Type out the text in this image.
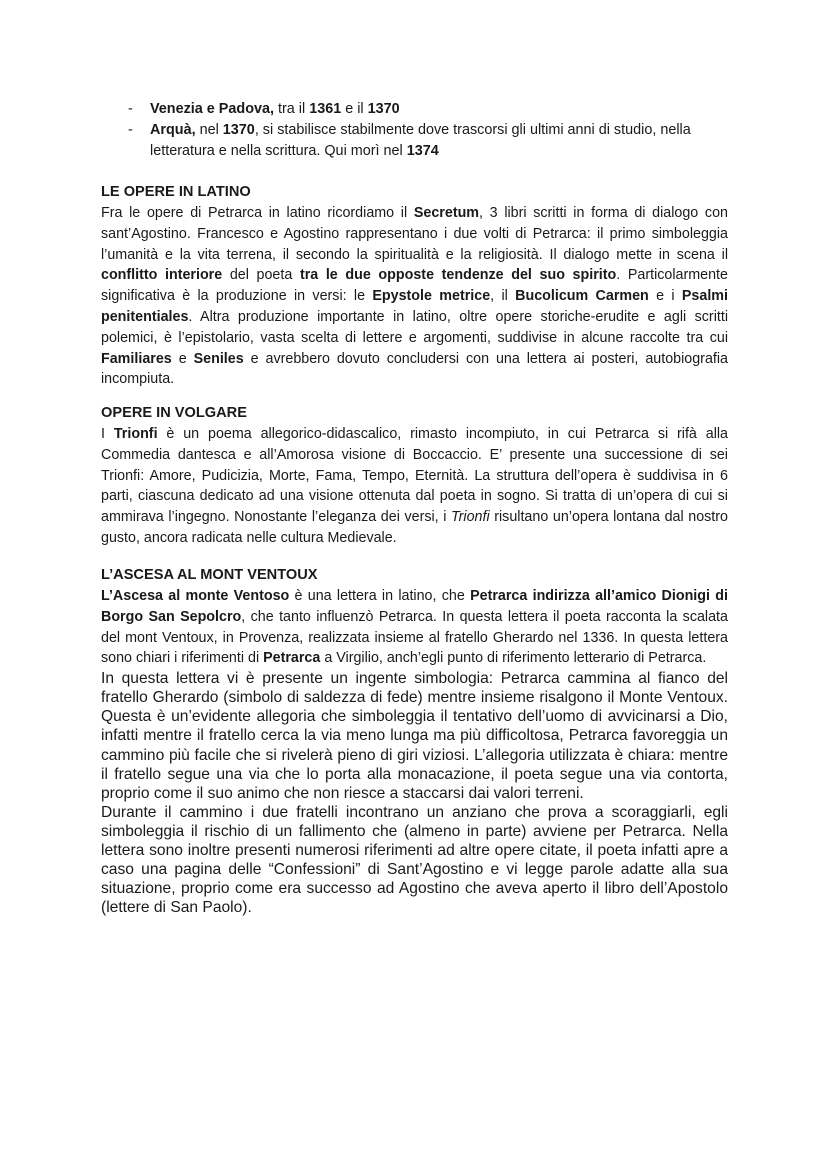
- Venezia e Padova, tra il 1361 e il 1370
- Arquà, nel 1370, si stabilisce stabilmente dove trascorsi gli ultimi anni di studio, nella letteratura e nella scrittura. Qui morì nel 1374
LE OPERE IN LATINO

Fra le opere di Petrarca in latino ricordiamo il Secretum, 3 libri scritti in forma di dialogo con sant’Agostino. Francesco e Agostino rappresentano i due volti di Petrarca: il primo simboleggia l’umanità e la vita terrena, il secondo la spiritualità e la religiosità. Il dialogo mette in scena il conflitto interiore del poeta tra le due opposte tendenze del suo spirito. Particolarmente significativa è la produzione in versi: le Epystole metrice, il Bucolicum Carmen e i Psalmi penitentiales. Altra produzione importante in latino, oltre opere storiche-erudite e agli scritti polemici, è l’epistolario, vasta scelta di lettere e argomenti, suddivise in alcune raccolte tra cui Familiares e Seniles e avrebbero dovuto concludersi con una lettera ai posteri, autobiografia incompiuta.

OPERE IN VOLGARE

I Trionfi è un poema allegorico-didascalico, rimasto incompiuto, in cui Petrarca si rifà alla Commedia dantesca e all’Amorosa visione di Boccaccio. E’ presente una successione di sei Trionfi: Amore, Pudicizia, Morte, Fama, Tempo, Eternità. La struttura dell’opera è suddivisa in 6 parti, ciascuna dedicato ad una visione ottenuta dal poeta in sogno. Si tratta di un’opera di cui si ammirava l’ingegno. Nonostante l’eleganza dei versi, i Trionfi risultano un’opera lontana dal nostro gusto, ancora radicata nelle cultura Medievale.

L’ASCESA AL MONT VENTOUX

L’Ascesa al monte Ventoso è una lettera in latino, che Petrarca indirizza all’amico Dionigi di Borgo San Sepolcro, che tanto influenzò Petrarca. In questa lettera il poeta racconta la scalata del mont Ventoux, in Provenza, realizzata insieme al fratello Gherardo nel 1336. In questa lettera sono chiari i riferimenti di Petrarca a Virgilio, anch’egli punto di riferimento letterario di Petrarca.

In questa lettera vi è presente un ingente simbologia: Petrarca cammina al fianco del fratello Gherardo (simbolo di saldezza di fede) mentre insieme risalgono il Monte Ventoux. Questa è un’evidente allegoria che simboleggia il tentativo dell’uomo di avvicinarsi a Dio, infatti mentre il fratello cerca la via meno lunga ma più difficoltosa, Petrarca favoreggia un cammino più facile che si rivelerà pieno di giri viziosi. L’allegoria utilizzata è chiara: mentre il fratello segue una via che lo porta alla monacazione, il poeta segue una via contorta, proprio come il suo animo che non riesce a staccarsi dai valori terreni.

Durante il cammino i due fratelli incontrano un anziano che prova a scoraggiarli, egli simboleggia il rischio di un fallimento che (almeno in parte) avviene per Petrarca. Nella lettera sono inoltre presenti numerosi riferimenti ad altre opere citate, il poeta infatti apre a caso una pagina delle “Confessioni” di Sant’Agostino e vi legge parole adatte alla sua situazione, proprio come era successo ad Agostino che aveva aperto il libro dell’Apostolo (lettere di San Paolo).
